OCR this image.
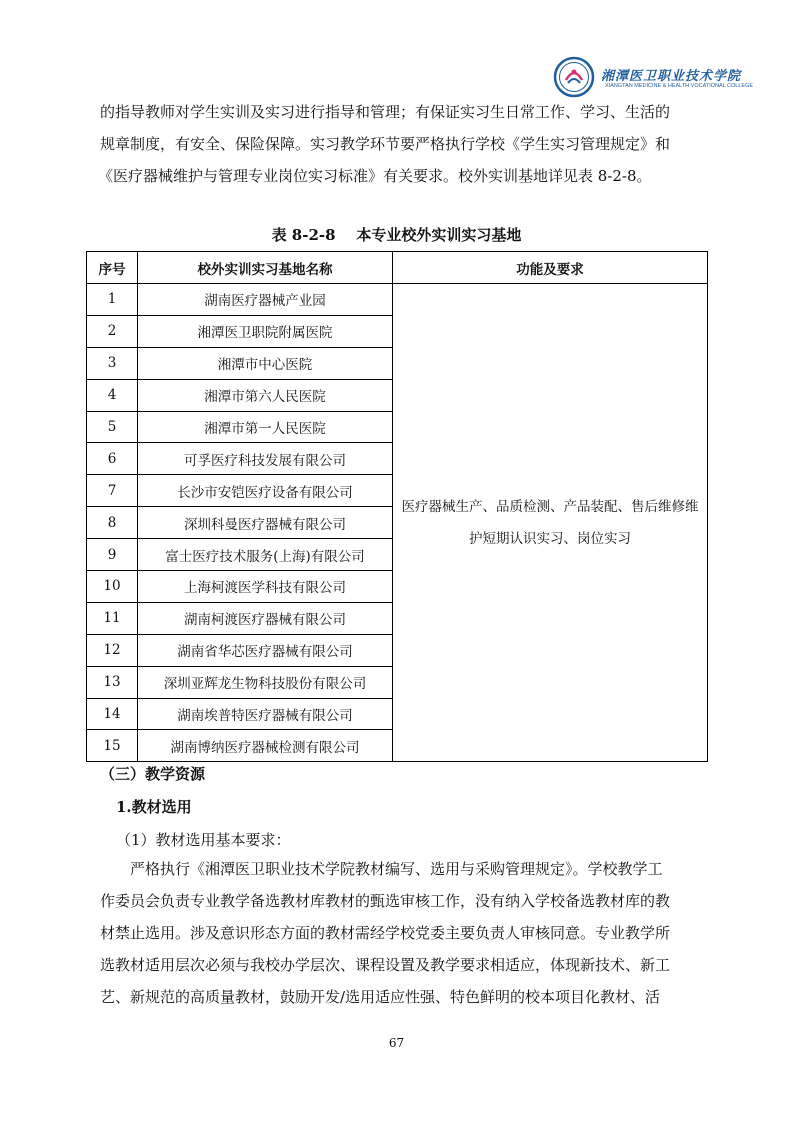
湘潭医卫职业技术学院
XIANGTAN MEDICINE & HEALTH VOCATIONAL COLLEGE
的指导教师对学生实训及实习进行指导和管理；有保证实习生日常工作、学习、生活的
规章制度，有安全、保险保障。实习教学环节要严格执行学校《学生实习管理规定》和
《医疗器械维护与管理专业岗位实习标准》有关要求。校外实训基地详见表 8-2-8。
表 8-2-8    本专业校外实训实习基地
序号	校外实训实习基地名称	功能及要求
1	湖南医疗器械产业园	医疗器械生产、品质检测、产品装配、售后维修维
护短期认识实习、岗位实习

2	湘潭医卫职院附属医院	
3	湘潭市中心医院	
4	湘潭市第六人民医院	
5	湘潭市第一人民医院	
6	可孚医疗科技发展有限公司	
7	长沙市安铠医疗设备有限公司	
8	深圳科曼医疗器械有限公司	
9	富士医疗技术服务(上海)有限公司	
10	上海柯渡医学科技有限公司	
11	湖南柯渡医疗器械有限公司	
12	湖南省华芯医疗器械有限公司	
13	深圳亚辉龙生物科技股份有限公司	
14	湖南埃普特医疗器械有限公司	
15	湖南博纳医疗器械检测有限公司	
（三）教学资源
1.教材选用
（1）教材选用基本要求：
严格执行《湘潭医卫职业技术学院教材编写、选用与采购管理规定》。学校教学工
作委员会负责专业教学备选教材库教材的甄选审核工作，没有纳入学校备选教材库的教
材禁止选用。涉及意识形态方面的教材需经学校党委主要负责人审核同意。专业教学所
选教材适用层次必须与我校办学层次、课程设置及教学要求相适应，体现新技术、新工
艺、新规范的高质量教材，鼓励开发/选用适应性强、特色鲜明的校本项目化教材、活
67
